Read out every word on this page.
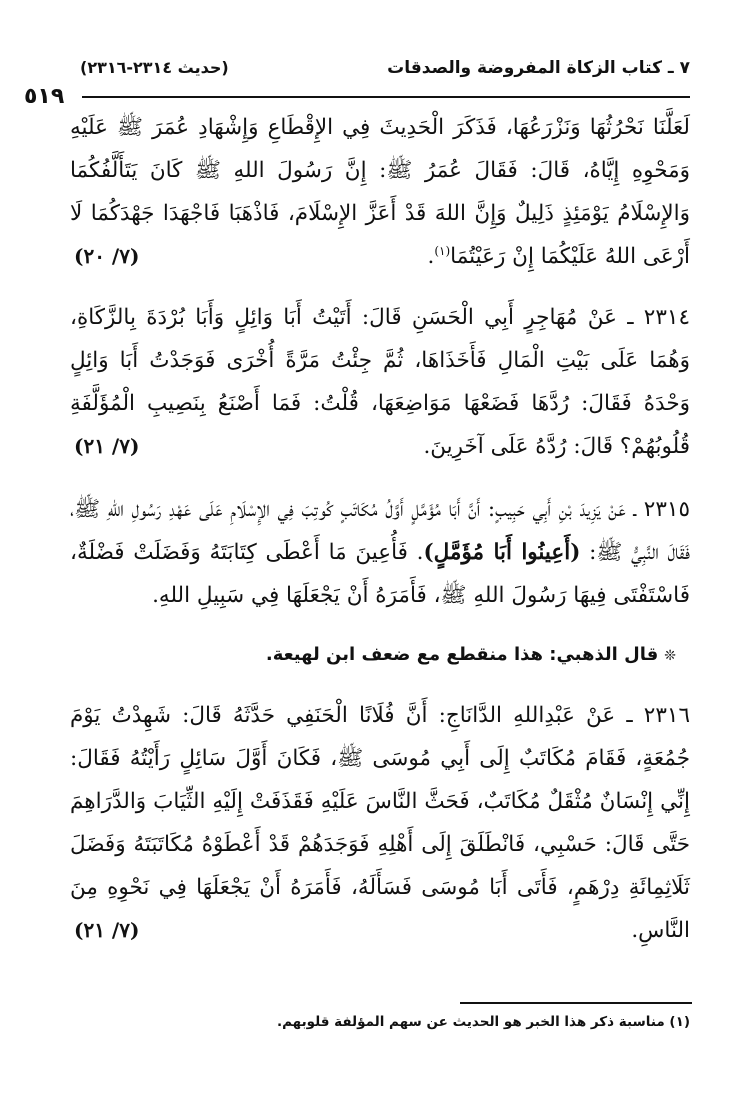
٧ ـ كتاب الزكاة المفروضة والصدقات
(حديث ٢٣١٤-٢٣١٦)
٥١٩

لَعَلَّنَا نَحْرُثُهَا وَنَزْرَعُهَا، فَذَكَرَ الْحَدِيثَ فِي الإِقْطَاعِ وَإِشْهَادِ عُمَرَ ﷺ عَلَيْهِ وَمَحْوِهِ إِيَّاهُ، قَالَ: فَقَالَ عُمَرُ ﷺ: إِنَّ رَسُولَ اللهِ ﷺ كَانَ يَتَأَلَّفُكُمَا وَالإِسْلَامُ يَوْمَئِذٍ ذَلِيلٌ وَإِنَّ اللهَ قَدْ أَعَزَّ الإِسْلَامَ، فَاذْهَبَا فَاجْهَدَا جَهْدَكُمَا لَا أَرْعَى اللهُ عَلَيْكُمَا إِنْ رَعَيْتُمَا$^{(١)}$.
(٧/ ٢٠)

٢٣١٤ ـ عَنْ مُهَاجِرٍ أَبِي الْحَسَنِ قَالَ: أَتَيْتُ أَبَا وَائِلٍ وَأَبَا بُرْدَةَ بِالزَّكَاةِ، وَهُمَا عَلَى بَيْتِ الْمَالِ فَأَخَذَاهَا، ثُمَّ جِئْتُ مَرَّةً أُخْرَى فَوَجَدْتُ أَبَا وَائِلٍ وَحْدَهُ فَقَالَ: رُدَّهَا فَضَعْهَا مَوَاضِعَهَا، قُلْتُ: فَمَا أَصْنَعُ بِنَصِيبِ الْمُؤَلَّفَةِ قُلُوبُهُمْ؟ قَالَ: رُدَّهُ عَلَى آخَرِينَ.
(٧/ ٢١)

٢٣١٥ ـ عَنْ يَزِيدَ بْنِ أَبِي حَبِيبٍ: أَنَّ أَبَا مُؤَمَّلٍ أَوَّلُ مُكَاتَبٍ كُوتِبَ فِي الإِسْلَامِ عَلَى عَهْدِ رَسُولِ اللهِ ﷺ، فَقَالَ النَّبِيُّ ﷺ: (أَعِينُوا أَبَا مُؤَمَّلٍ). فَأُعِينَ مَا أَعْطَى كِتَابَتَهُ وَفَضَلَتْ فَضْلَةٌ، فَاسْتَفْتَى فِيهَا رَسُولَ اللهِ ﷺ، فَأَمَرَهُ أَنْ يَجْعَلَهَا فِي سَبِيلِ اللهِ.

❊قال الذهبي: هذا منقطع مع ضعف ابن لهيعة.

٢٣١٦ ـ عَنْ عَبْدِاللهِ الدَّانَاجِ: أَنَّ فُلَانًا الْحَنَفِي حَدَّثَهُ قَالَ: شَهِدْتُ يَوْمَ جُمُعَةٍ، فَقَامَ مُكَاتَبٌ إِلَى أَبِي مُوسَى ﷺ، فَكَانَ أَوَّلَ سَائِلٍ رَأَيْتُهُ فَقَالَ: إِنِّي إِنْسَانٌ مُثْقَلٌ مُكَاتَبٌ، فَحَثَّ النَّاسَ عَلَيْهِ فَقَذَفَتْ إِلَيْهِ الثِّيَابَ وَالدَّرَاهِمَ حَتَّى قَالَ: حَسْبِي، فَانْطَلَقَ إِلَى أَهْلِهِ فَوَجَدَهُمْ قَدْ أَعْطَوْهُ مُكَاتَبَتَهُ وَفَضَلَ ثَلَاثِمِائَةِ دِرْهَمٍ، فَأَتَى أَبَا مُوسَى فَسَأَلَهُ، فَأَمَرَهُ أَنْ يَجْعَلَهَا فِي نَحْوِهِ مِنَ النَّاسِ.
(٧/ ٢١)

(١) مناسبة ذكر هذا الخبر هو الحديث عن سهم المؤلفة قلوبهم.
